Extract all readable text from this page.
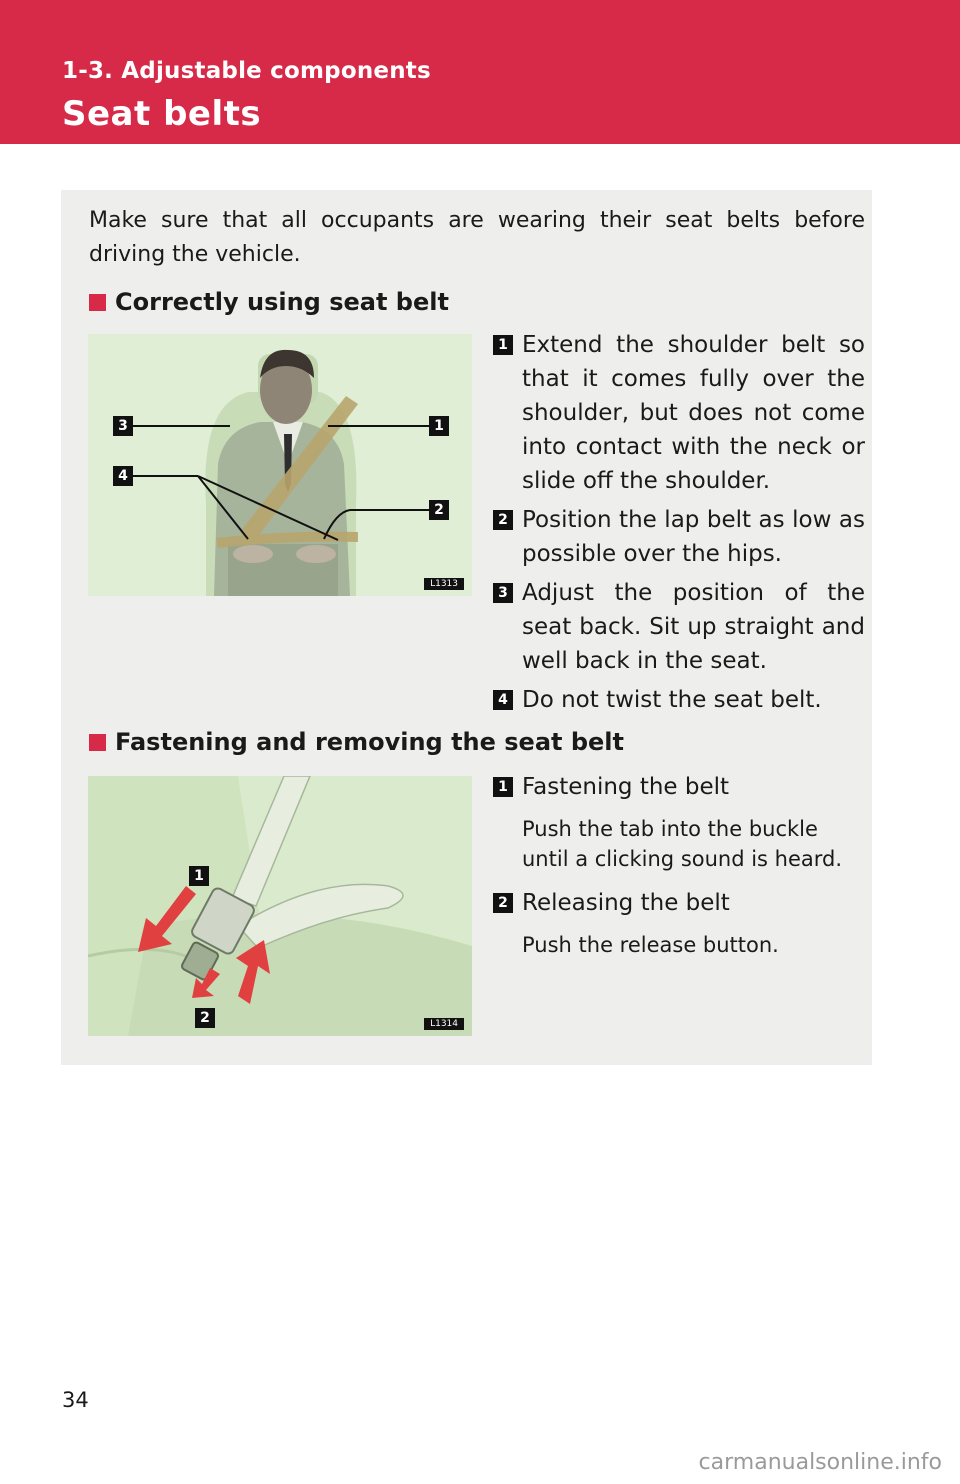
1-3. Adjustable components
Seat belts
Make sure that all occupants are wearing their seat belts before driving the vehicle.
Correctly using seat belt
3	1
4
2
L1313
1 Extend the shoulder belt so that it comes fully over the shoulder, but does not come into contact with the neck or slide off the shoulder.
2 Position the lap belt as low as possible over the hips.
3 Adjust the position of the seat back. Sit up straight and well back in the seat.
4 Do not twist the seat belt.
Fastening and removing the seat belt
1
2	L1314
1 Fastening the belt
Push the tab into the buckle until a clicking sound is heard.
2 Releasing the belt
Push the release button.
34
carmanualsonline.info
